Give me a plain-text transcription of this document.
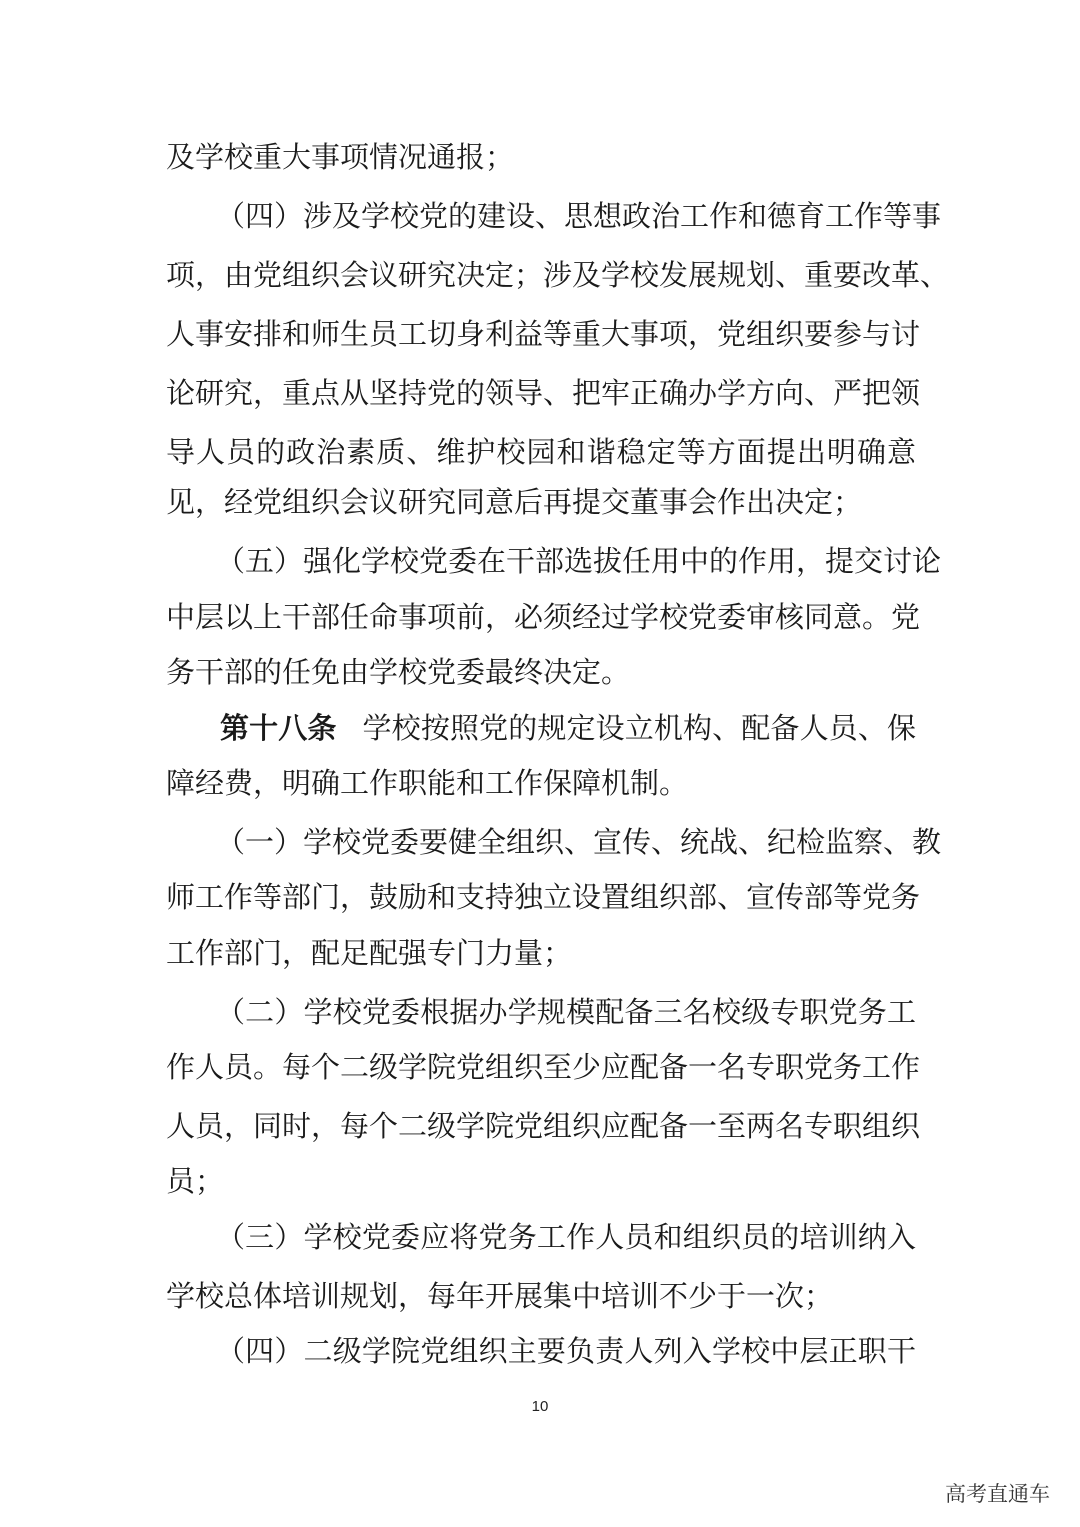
及学校重大事项情况通报；
（四）涉及学校党的建设、思想政治工作和德育工作等事
项，由党组织会议研究决定；涉及学校发展规划、重要改革、
人事安排和师生员工切身利益等重大事项，党组织要参与讨
论研究，重点从坚持党的领导、把牢正确办学方向、严把领
导人员的政治素质、维护校园和谐稳定等方面提出明确意
见，经党组织会议研究同意后再提交董事会作出决定；
（五）强化学校党委在干部选拔任用中的作用，提交讨论
中层以上干部任命事项前，必须经过学校党委审核同意。党
务干部的任免由学校党委最终决定。
第十八条 学校按照党的规定设立机构、配备人员、保
障经费，明确工作职能和工作保障机制。
（一）学校党委要健全组织、宣传、统战、纪检监察、教
师工作等部门，鼓励和支持独立设置组织部、宣传部等党务
工作部门，配足配强专门力量；
（二）学校党委根据办学规模配备三名校级专职党务工
作人员。每个二级学院党组织至少应配备一名专职党务工作
人员，同时，每个二级学院党组织应配备一至两名专职组织
员；
（三）学校党委应将党务工作人员和组织员的培训纳入
学校总体培训规划，每年开展集中培训不少于一次；
（四）二级学院党组织主要负责人列入学校中层正职干
10
高考直通车
